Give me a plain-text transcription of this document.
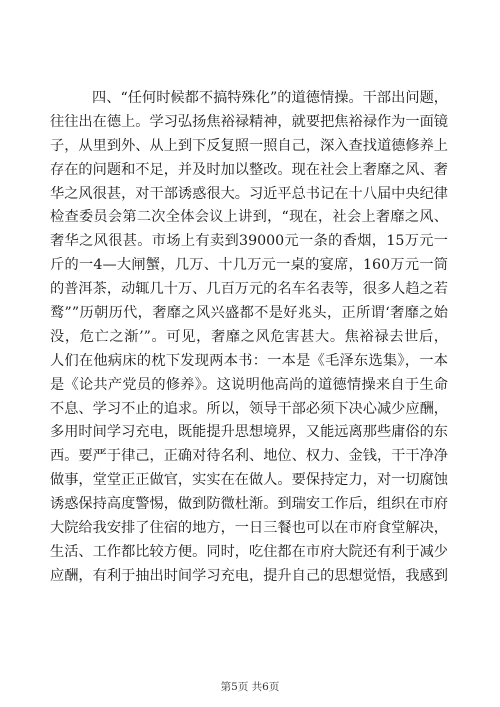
四、“任何时候都不搞特殊化”的道德情操。干部出问题，
往往出在德上。学习弘扬焦裕禄精神，就要把焦裕禄作为一面镜
子，从里到外、从上到下反复照一照自己，深入查找道德修养上
存在的问题和不足，并及时加以整改。现在社会上奢靡之风、奢
华之风很甚，对干部诱惑很大。习近平总书记在十八届中央纪律
检查委员会第二次全体会议上讲到，“现在，社会上奢靡之风、
奢华之风很甚。市场上有卖到39000元一条的香烟，15万元一
斤的一4—大闸蟹，几万、十几万元一桌的宴席，160万元一筒
的普洱茶，动辄几十万、几百万元的名车名表等，很多人趋之若
鹜””历朝历代，奢靡之风兴盛都不是好兆头，正所谓‘奢靡之始
没，危亡之渐’”。可见，奢靡之风危害甚大。焦裕禄去世后，
人们在他病床的枕下发现两本书：一本是《毛泽东选集》，一本
是《论共产党员的修养》。这说明他高尚的道德情操来自于生命
不息、学习不止的追求。所以，领导干部必须下决心减少应酬，
多用时间学习充电，既能提升思想境界，又能远离那些庸俗的东
西。要严于律己，正确对待名利、地位、权力、金钱，干干净净
做事，堂堂正正做官，实实在在做人。要保持定力，对一切腐蚀
诱惑保持高度警惕，做到防微杜渐。到瑞安工作后，组织在市府
大院给我安排了住宿的地方，一日三餐也可以在市府食堂解决，
生活、工作都比较方便。同时，吃住都在市府大院还有利于减少
应酬，有利于抽出时间学习充电，提升自己的思想觉悟，我感到
第5页 共6页
